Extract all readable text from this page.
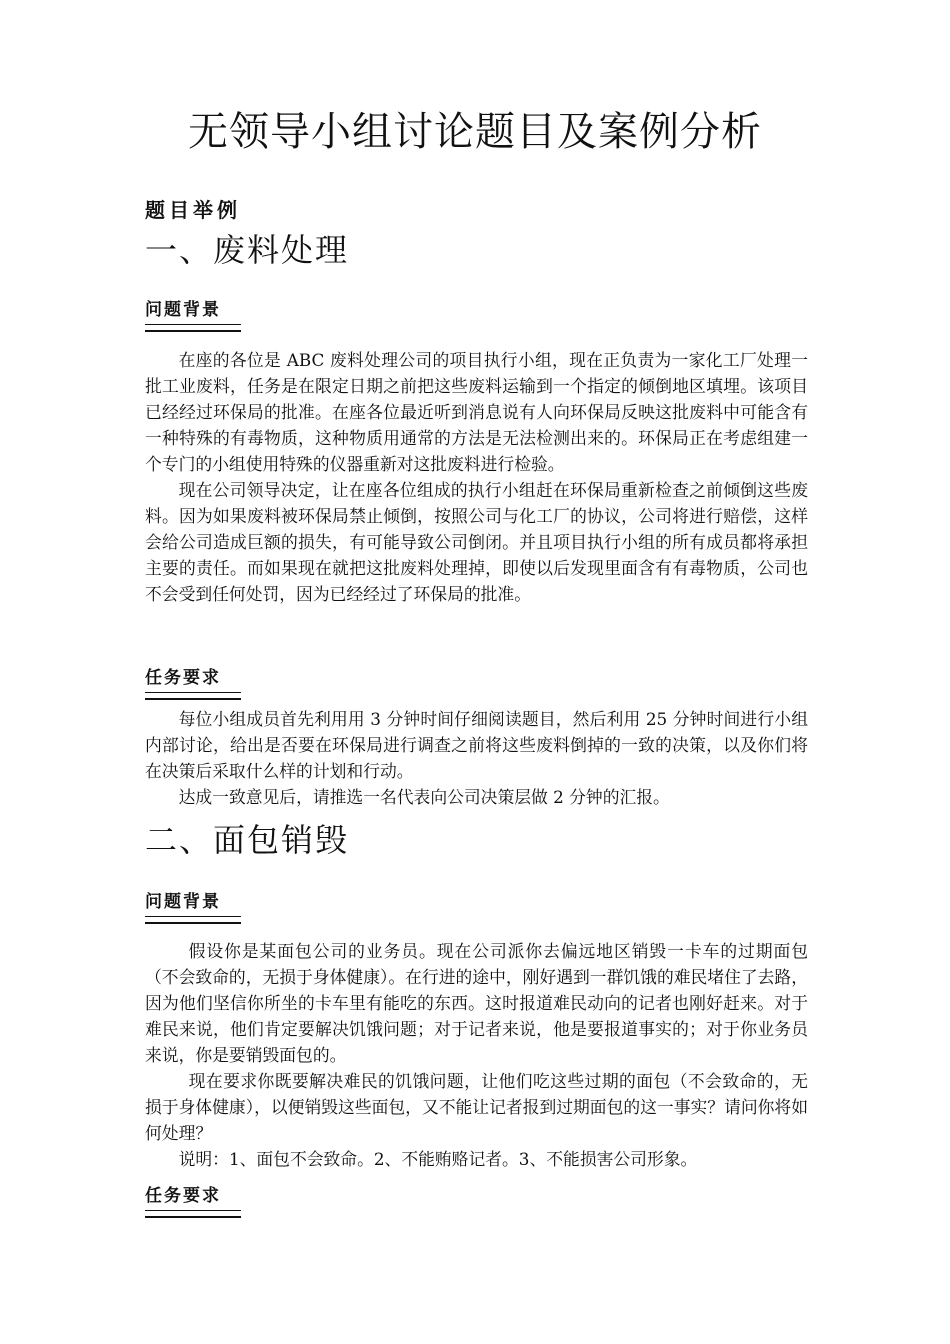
无领导小组讨论题目及案例分析
题目举例
一、废料处理
问题背景

在座的各位是 ABC 废料处理公司的项目执行小组，现在正负责为一家化工厂处理一批工业废料，任务是在限定日期之前把这些废料运输到一个指定的倾倒地区填埋。该项目已经经过环保局的批准。在座各位最近听到消息说有人向环保局反映这批废料中可能含有一种特殊的有毒物质，这种物质用通常的方法是无法检测出来的。环保局正在考虑组建一个专门的小组使用特殊的仪器重新对这批废料进行检验。

现在公司领导决定，让在座各位组成的执行小组赶在环保局重新检查之前倾倒这些废料。因为如果废料被环保局禁止倾倒，按照公司与化工厂的协议，公司将进行赔偿，这样会给公司造成巨额的损失，有可能导致公司倒闭。并且项目执行小组的所有成员都将承担主要的责任。而如果现在就把这批废料处理掉，即使以后发现里面含有有毒物质，公司也不会受到任何处罚，因为已经经过了环保局的批准。

任务要求

每位小组成员首先利用用 3 分钟时间仔细阅读题目，然后利用 25 分钟时间进行小组内部讨论，给出是否要在环保局进行调查之前将这些废料倒掉的一致的决策，以及你们将在决策后采取什么样的计划和行动。

达成一致意见后，请推选一名代表向公司决策层做 2 分钟的汇报。

二、面包销毁
问题背景

假设你是某面包公司的业务员。现在公司派你去偏远地区销毁一卡车的过期面包（不会致命的，无损于身体健康）。在行进的途中，刚好遇到一群饥饿的难民堵住了去路，因为他们坚信你所坐的卡车里有能吃的东西。这时报道难民动向的记者也刚好赶来。对于难民来说，他们肯定要解决饥饿问题；对于记者来说，他是要报道事实的；对于你业务员来说，你是要销毁面包的。

现在要求你既要解决难民的饥饿问题，让他们吃这些过期的面包（不会致命的，无损于身体健康），以便销毁这些面包，又不能让记者报到过期面包的这一事实？请问你将如何处理？

说明：1、面包不会致命。2、不能贿赂记者。3、不能损害公司形象。

任务要求
